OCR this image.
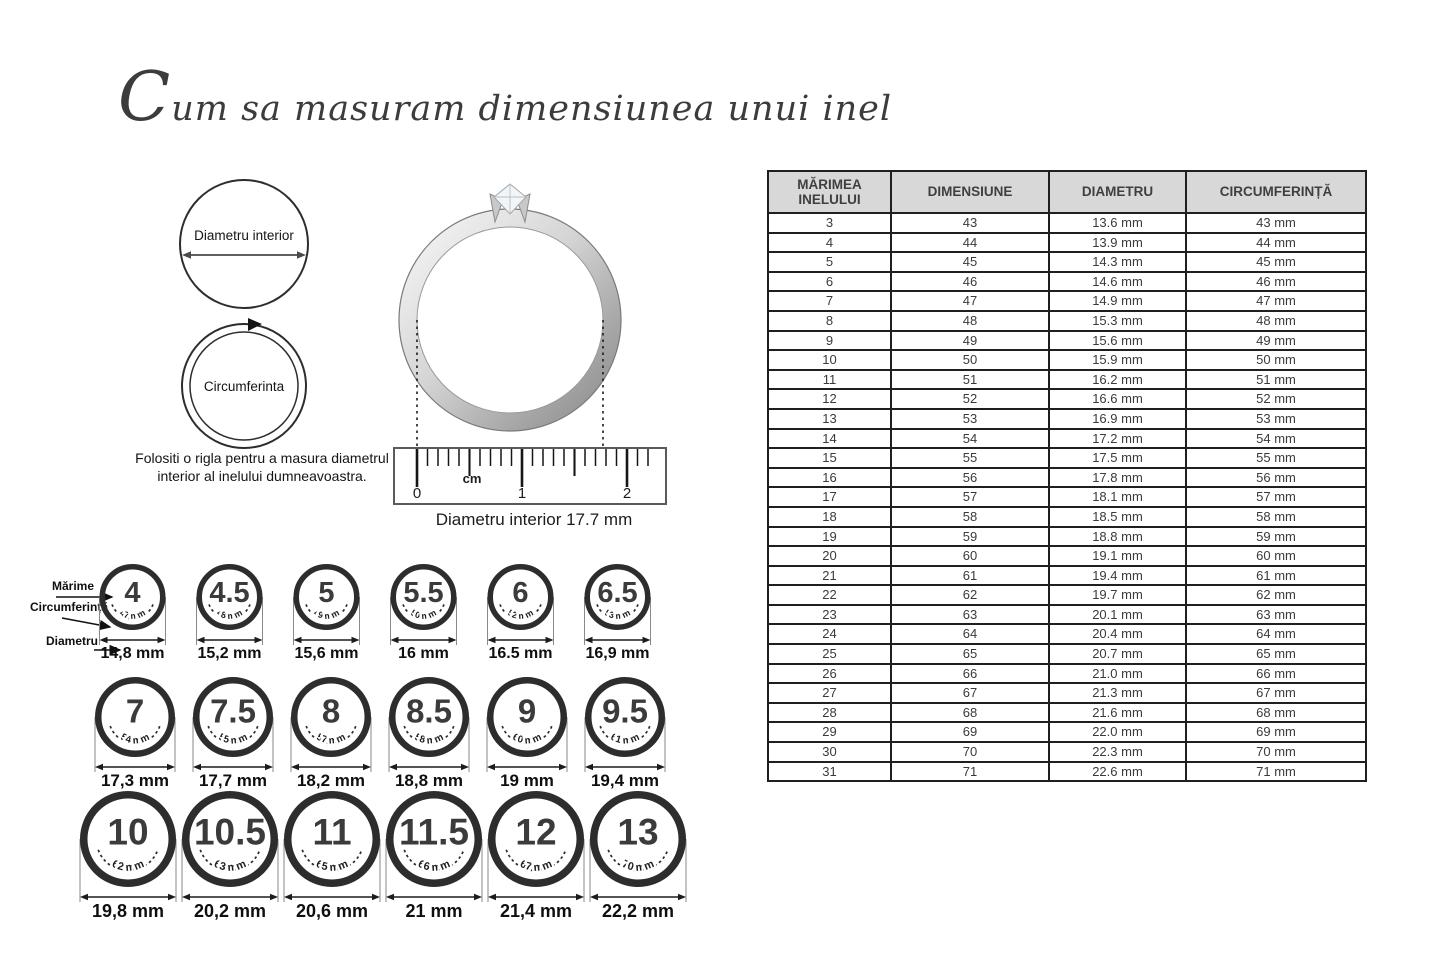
Cum sa masuram dimensiunea unui inel
Diametru interior
Circumferinta
cm
0	1	2
Folositi o rigla pentru a masura diametrul
interior al inelului dumneavoastra.
Diametru interior 17.7 mm
Mărime
Circumferință
Diametru
4
47 mm
14,8 mm
4.5
48 mm
15,2 mm
5
49 mm
15,6 mm
5.5
50 mm
16 mm
6
52 mm
16.5 mm
6.5
53 mm
16,9 mm
7
54 mm
17,3 mm
7.5
55 mm
17,7 mm
8
57 mm
18,2 mm
8.5
58 mm
18,8 mm
9
60 mm
19 mm
9.5
61 mm
19,4 mm
10
62 mm
19,8 mm
10.5
63 mm
20,2 mm
11
65 mm
20,6 mm
11.5
66 mm
21 mm
12
67 mm
21,4 mm
13
70 mm
22,2 mm
MĂRIMEA INELULUI	DIMENSIUNE	DIAMETRU	CIRCUMFERINȚĂ
3	43	13.6 mm	43 mm
4	44	13.9 mm	44 mm
5	45	14.3 mm	45 mm
6	46	14.6 mm	46 mm
7	47	14.9 mm	47 mm
8	48	15.3 mm	48 mm
9	49	15.6 mm	49 mm
10	50	15.9 mm	50 mm
11	51	16.2 mm	51 mm
12	52	16.6 mm	52 mm
13	53	16.9 mm	53 mm
14	54	17.2 mm	54 mm
15	55	17.5 mm	55 mm
16	56	17.8 mm	56 mm
17	57	18.1 mm	57 mm
18	58	18.5 mm	58 mm
19	59	18.8 mm	59 mm
20	60	19.1 mm	60 mm
21	61	19.4 mm	61 mm
22	62	19.7 mm	62 mm
23	63	20.1 mm	63 mm
24	64	20.4 mm	64 mm
25	65	20.7 mm	65 mm
26	66	21.0 mm	66 mm
27	67	21.3 mm	67 mm
28	68	21.6 mm	68 mm
29	69	22.0 mm	69 mm
30	70	22.3 mm	70 mm
31	71	22.6 mm	71 mm
